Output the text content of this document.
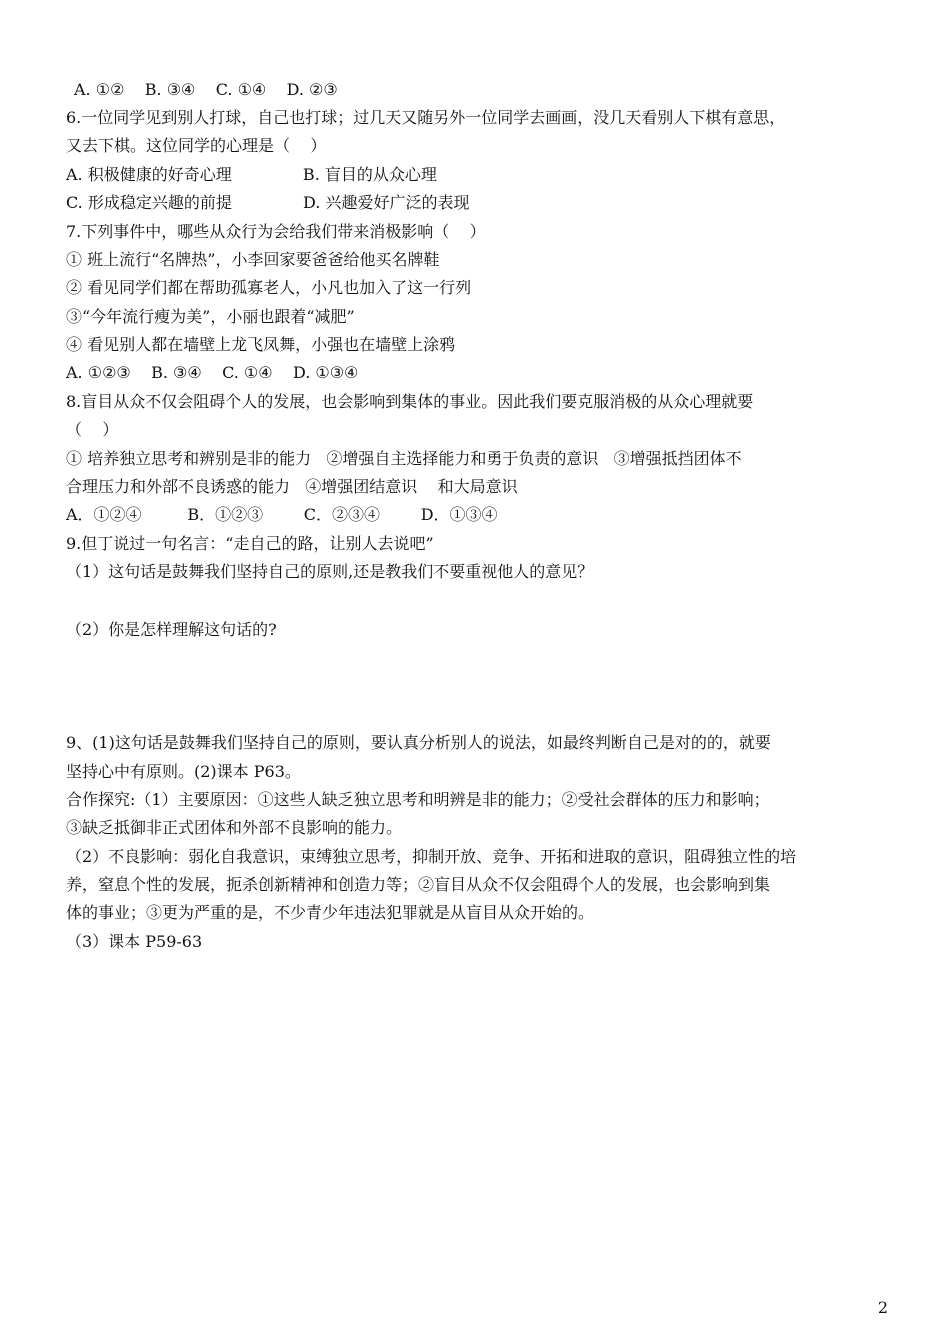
A. ①②    B. ③④    C. ①④    D. ②③
6.一位同学见到别人打球，自己也打球；过几天又随另外一位同学去画画，没几天看别人下棋有意思，
又去下棋。这位同学的心理是（    ）
A. 积极健康的好奇心理              B. 盲目的从众心理
C. 形成稳定兴趣的前提              D. 兴趣爱好广泛的表现
7.下列事件中，哪些从众行为会给我们带来消极影响（    ）
① 班上流行“名牌热”，小李回家要爸爸给他买名牌鞋
② 看见同学们都在帮助孤寡老人，小凡也加入了这一行列
③“今年流行瘦为美”，小丽也跟着“减肥”
④ 看见别人都在墙壁上龙飞凤舞，小强也在墙壁上涂鸦
A. ①②③    B. ③④    C. ①④    D. ①③④
8.盲目从众不仅会阻碍个人的发展，也会影响到集体的事业。因此我们要克服消极的从众心理就要
（    ）
① 培养独立思考和辨别是非的能力   ②增强自主选择能力和勇于负责的意识   ③增强抵挡团体不
合理压力和外部不良诱惑的能力   ④增强团结意识    和大局意识
A．①②④         B．①②③        C．②③④        D．①③④
9.但丁说过一句名言：“走自己的路，让别人去说吧”
（1）这句话是鼓舞我们坚持自己的原则,还是教我们不要重视他人的意见？
（2）你是怎样理解这句话的?
9、(1)这句话是鼓舞我们坚持自己的原则，要认真分析别人的说法，如最终判断自己是对的的，就要
坚持心中有原则。(2)课本 P63。
合作探究:（1）主要原因：①这些人缺乏独立思考和明辨是非的能力；②受社会群体的压力和影响；
③缺乏抵御非正式团体和外部不良影响的能力。
（2）不良影响：弱化自我意识，束缚独立思考，抑制开放、竞争、开拓和进取的意识，阻碍独立性的培
养，窒息个性的发展，扼杀创新精神和创造力等；②盲目从众不仅会阻碍个人的发展，也会影响到集
体的事业；③更为严重的是，不少青少年违法犯罪就是从盲目从众开始的。
（3）课本 P59-63
2
